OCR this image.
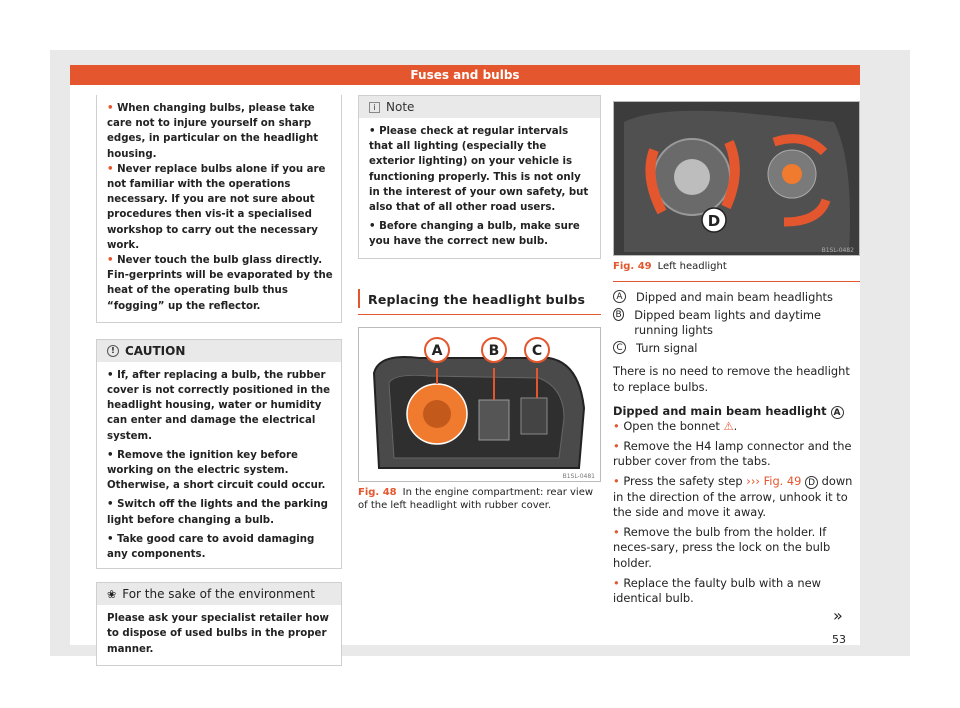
Fuses and bulbs

• When changing bulbs, please take care not to injure yourself on sharp edges, in particular on the headlight housing.

• Never replace bulbs alone if you are not familiar with the operations necessary. If you are not sure about procedures then vis-it a specialised workshop to carry out the necessary work.

• Never touch the bulb glass directly. Fin-gerprints will be evaporated by the heat of the operating bulb thus “fogging” up the reflector.

! CAUTION

• If, after replacing a bulb, the rubber cover is not correctly positioned in the headlight housing, water or humidity can enter and damage the electrical system.

• Remove the ignition key before working on the electric system. Otherwise, a short circuit could occur.

• Switch off the lights and the parking light before changing a bulb.

• Take good care to avoid damaging any components.

❀ For the sake of the environment

Please ask your specialist retailer how to dispose of used bulbs in the proper manner.

i Note

• Please check at regular intervals that all lighting (especially the exterior lighting) on your vehicle is functioning properly. This is not only in the interest of your own safety, but also that of all other road users.

• Before changing a bulb, make sure you have the correct new bulb.

Replacing the headlight bulbs
A	B C
B1SL-0481

Fig. 48 In the engine compartment: rear view of the left headlight with rubber cover.

D
B1SL-0482

Fig. 49 Left headlight

A	Dipped and main beam headlights
B Dipped beam lights and daytime running lights
C Turn signal

There is no need to remove the headlight to replace bulbs.

Dipped and main beam headlight A

• Open the bonnet ⚠.

• Remove the H4 lamp connector and the rubber cover from the tabs.

• Press the safety step ››› Fig. 49 D down in the direction of the arrow, unhook it to the side and move it away.

• Remove the bulb from the holder. If neces-sary, press the lock on the bulb holder.

• Replace the faulty bulb with a new identical bulb.

»
53
